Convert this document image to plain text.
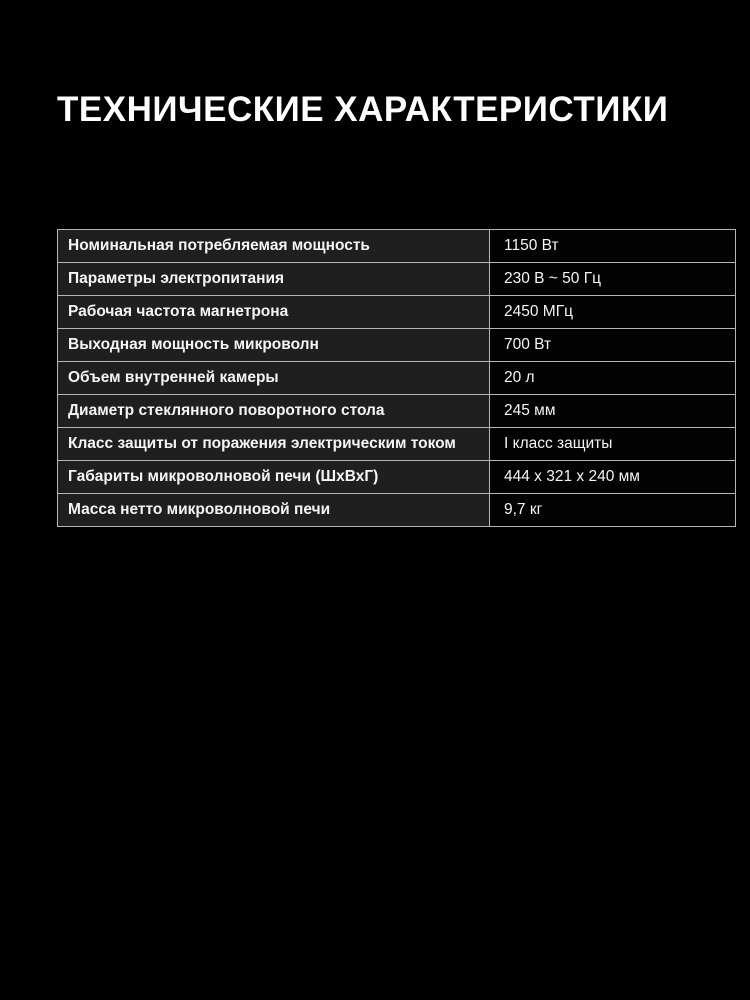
ТЕХНИЧЕСКИЕ ХАРАКТЕРИСТИКИ
Номинальная потребляемая мощность	1150 Вт
Параметры электропитания	230 В ~ 50 Гц
Рабочая частота магнетрона	2450 МГц
Выходная мощность микроволн	700 Вт
Объем внутренней камеры	20 л
Диаметр стеклянного поворотного стола	245 мм
Класс защиты от поражения электрическим током	I класс защиты
Габариты микроволновой печи (ШхВхГ)	444 х 321 х 240 мм
Масса нетто микроволновой печи	9,7 кг
